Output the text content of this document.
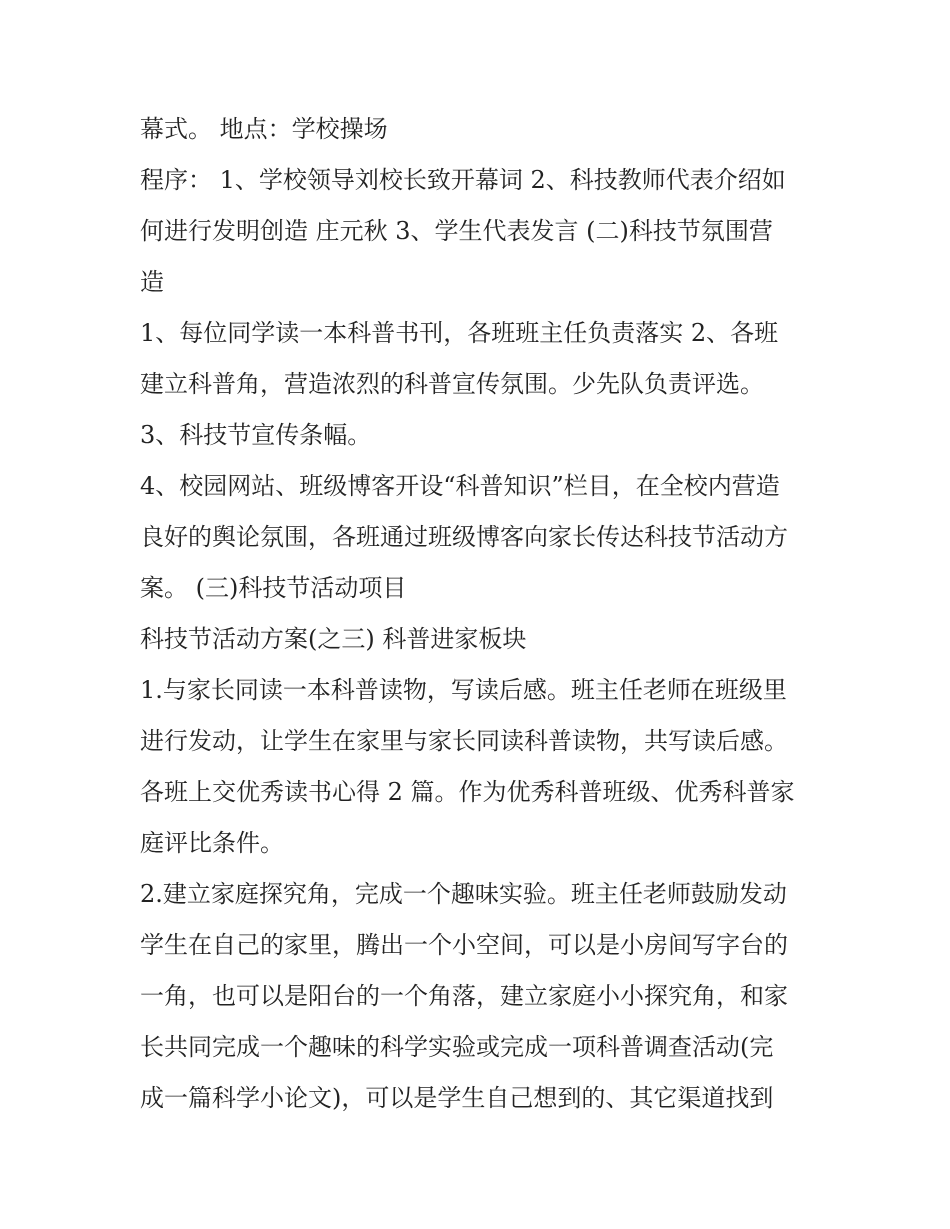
幕式。 地点：学校操场
程序： 1、学校领导刘校长致开幕词 2、科技教师代表介绍如
何进行发明创造 庄元秋 3、学生代表发言 (二)科技节氛围营
造
1、每位同学读一本科普书刊，各班班主任负责落实 2、各班
建立科普角，营造浓烈的科普宣传氛围。少先队负责评选。
3、科技节宣传条幅。
4、校园网站、班级博客开设“科普知识”栏目，在全校内营造
良好的舆论氛围，各班通过班级博客向家长传达科技节活动方
案。 (三)科技节活动项目
科技节活动方案(之三) 科普进家板块
1.与家长同读一本科普读物，写读后感。班主任老师在班级里
进行发动，让学生在家里与家长同读科普读物，共写读后感。
各班上交优秀读书心得 2 篇。作为优秀科普班级、优秀科普家
庭评比条件。
2.建立家庭探究角，完成一个趣味实验。班主任老师鼓励发动
学生在自己的家里，腾出一个小空间，可以是小房间写字台的
一角，也可以是阳台的一个角落，建立家庭小小探究角，和家
长共同完成一个趣味的科学实验或完成一项科普调查活动(完
成一篇科学小论文)，可以是学生自己想到的、其它渠道找到
